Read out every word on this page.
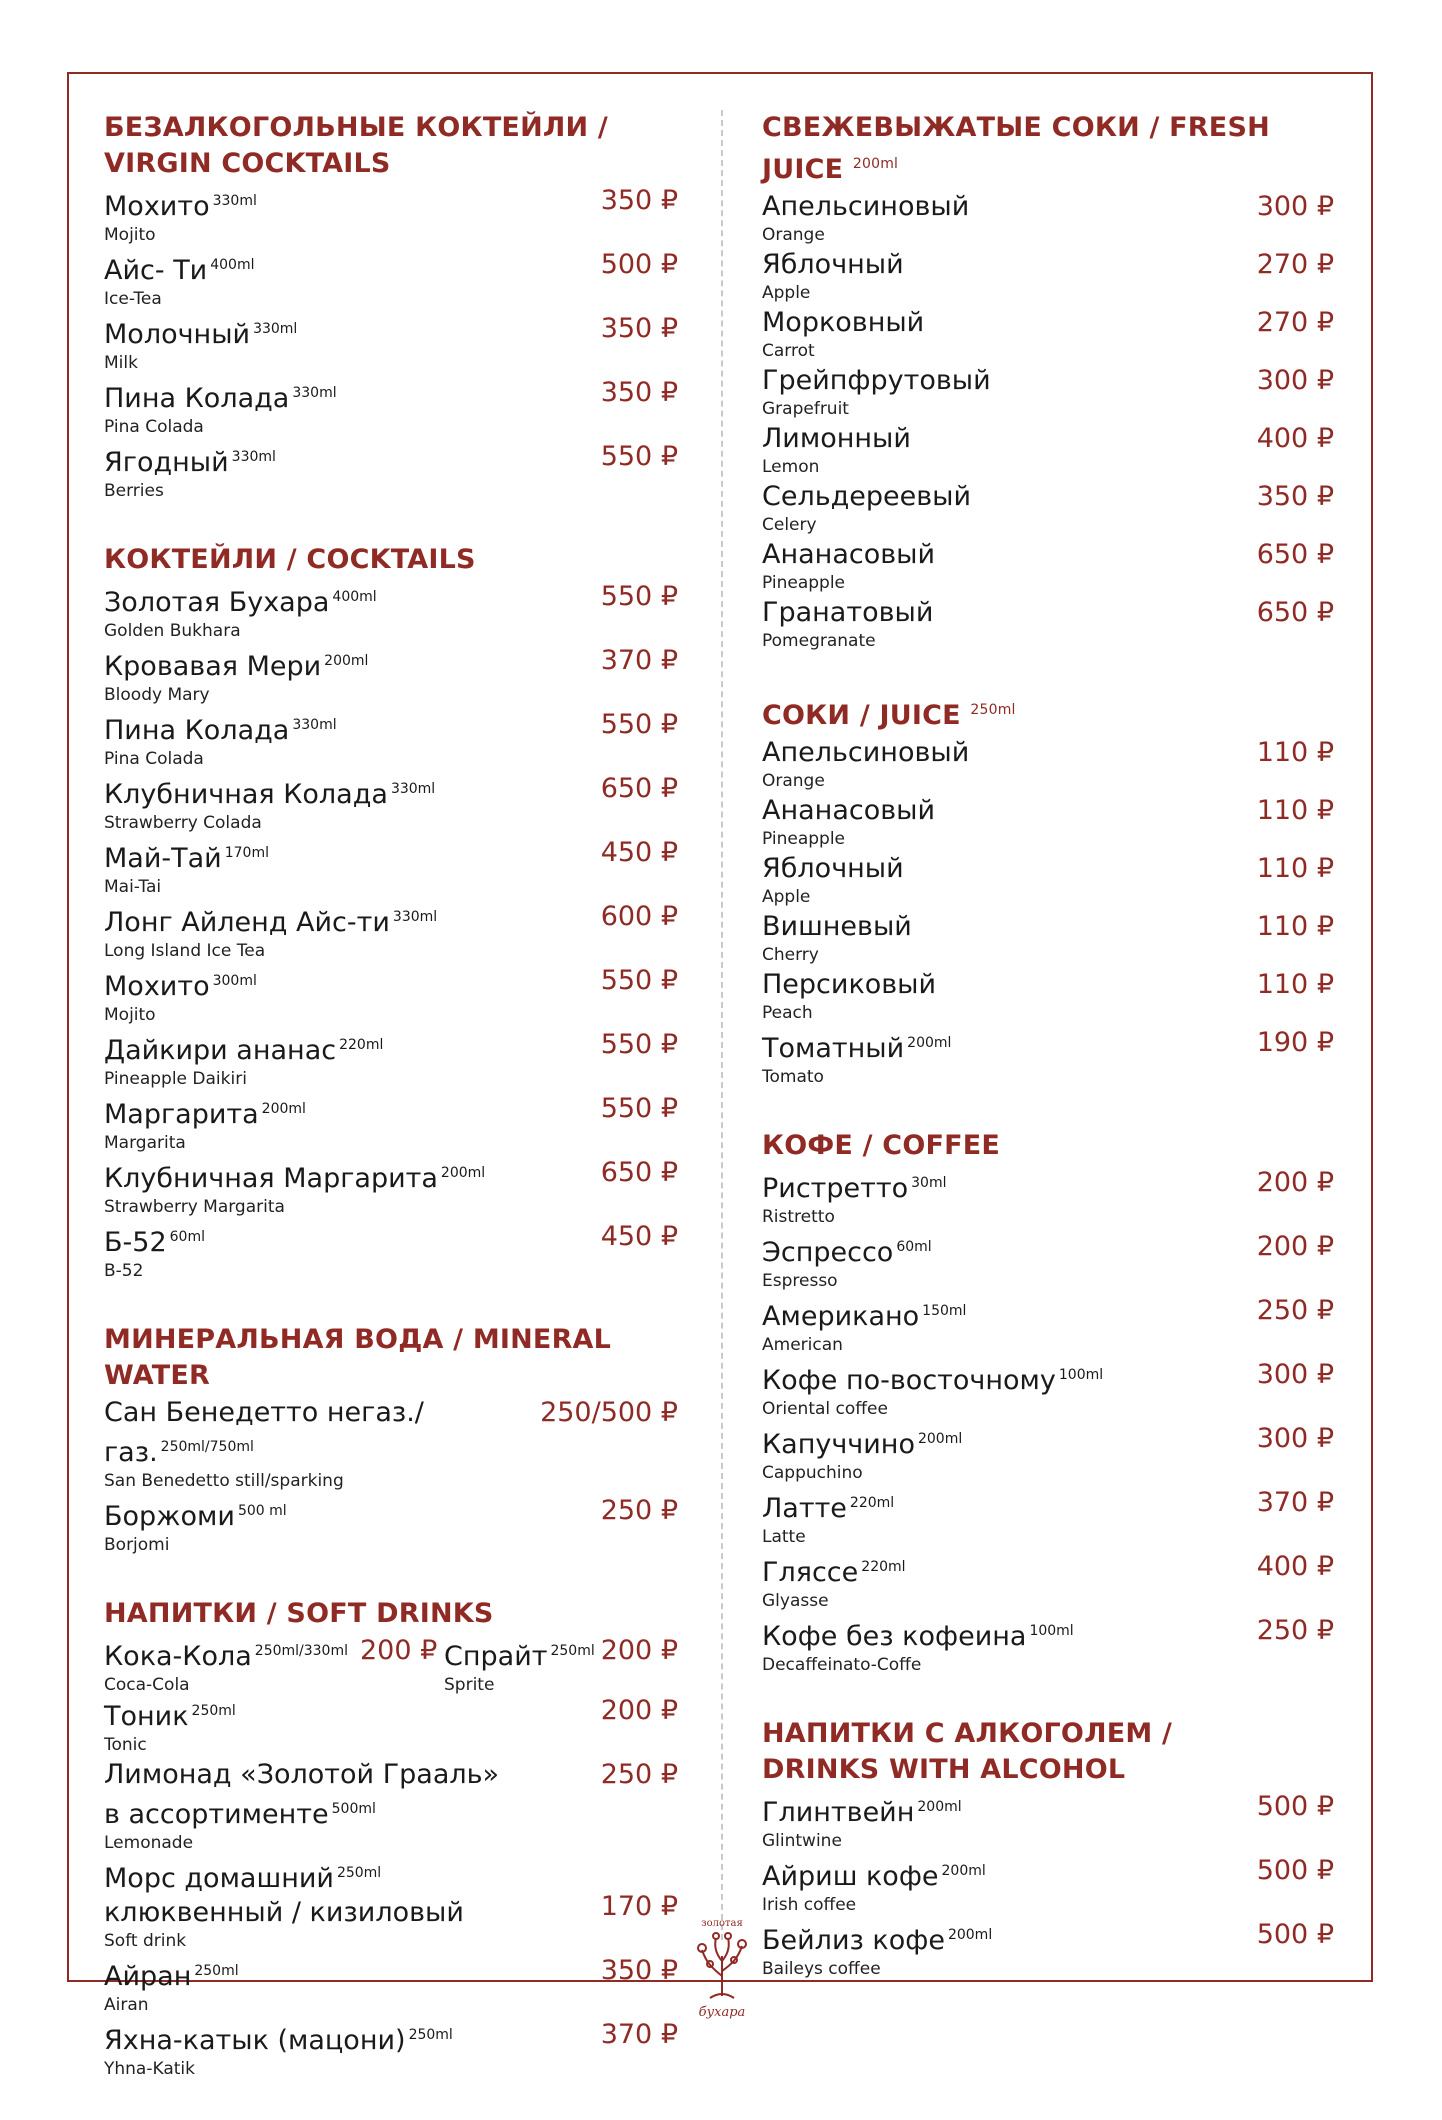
БЕЗАЛКОГОЛЬНЫЕ КОКТЕЙЛИ /
VIRGIN COCKTAILS
Мохито $^{330ml}$
Mojito
350 ₽
Айс- Ти $^{400ml}$
Ice-Tea
500 ₽
Молочный $^{330ml}$
Milk
350 ₽
Пина Колада $^{330ml}$
Pina Colada
350 ₽
Ягодный $^{330ml}$
Berries
550 ₽
КОКТЕЙЛИ / COCKTAILS
Золотая Бухара $^{400ml}$
Golden Bukhara
550 ₽
Кровавая Мери $^{200ml}$
Bloody Mary
370 ₽
Пина Колада $^{330ml}$
Pina Colada
550 ₽
Клубничная Колада $^{330ml}$
Strawberry Colada
650 ₽
Май-Тай $^{170ml}$
Mai-Tai
450 ₽
Лонг Айленд Айс-ти $^{330ml}$
Long Island Ice Tea
600 ₽
Мохито $^{300ml}$
Mojito
550 ₽
Дайкири ананас $^{220ml}$
Pineapple Daikiri
550 ₽
Маргарита $^{200ml}$
Margarita
550 ₽
Клубничная Маргарита $^{200ml}$
Strawberry Margarita
650 ₽
Б-52 $^{60ml}$
B-52
450 ₽
МИНЕРАЛЬНАЯ ВОДА / MINERAL WATER
Сан Бенедетто негаз./газ. $^{250ml/750ml}$
San Benedetto still/sparking
250/500 ₽
Боржоми $^{500 ml}$
Borjomi
250 ₽
НАПИТКИ / SOFT DRINKS
Кока-Кола $^{250ml/330ml}$
Coca-Cola
200 ₽ Спрайт $^{250ml}$
Sprite
200 ₽
Тоник $^{250ml}$
Tonic
200 ₽
Лимонад «Золотой Грааль»
в ассортименте $^{500ml}$
Lemonade
250 ₽
Морс домашний $^{250ml}$
клюквенный / кизиловый
Soft drink
170 ₽
Айран $^{250ml}$
Airan
350 ₽
Яхна-катык (мацони) $^{250ml}$
Yhna-Katik
370 ₽
СВЕЖЕВЫЖАТЫЕ СОКИ / FRESH JUICE $^{200ml}$
Апельсиновый
Orange
300 ₽
Яблочный
Apple
270 ₽
Морковный
Carrot
270 ₽
Грейпфрутовый
Grapefruit
300 ₽
Лимонный
Lemon
400 ₽
Сельдереевый
Celery
350 ₽
Ананасовый
Pineapple
650 ₽
Гранатовый
Pomegranate
650 ₽
СОКИ / JUICE $^{250ml}$
Апельсиновый
Orange
110 ₽
Ананасовый
Pineapple
110 ₽
Яблочный
Apple
110 ₽
Вишневый
Cherry
110 ₽
Персиковый
Peach
110 ₽
Томатный $^{200ml}$
Tomato
190 ₽
КОФЕ / COFFEE
Ристретто $^{30ml}$
Ristretto
200 ₽
Эспрессо $^{60ml}$
Espresso
200 ₽
Американо $^{150ml}$
American
250 ₽
Кофе по-восточному $^{100ml}$
Oriental coffee
300 ₽
Капуччино $^{200ml}$
Cappuchino
300 ₽
Латте $^{220ml}$
Latte
370 ₽
Гляссе $^{220ml}$
Glyasse
400 ₽
Кофе без кофеина $^{100ml}$
Decaffeinato-Coffe
250 ₽
НАПИТКИ С АЛКОГОЛЕМ /
DRINKS WITH ALCOHOL
Глинтвейн $^{200ml}$
Glintwine
500 ₽
Айриш кофе $^{200ml}$
Irish coffee
500 ₽
Бейлиз кофе $^{200ml}$
Baileys coffee
500 ₽
золотая
бухара
